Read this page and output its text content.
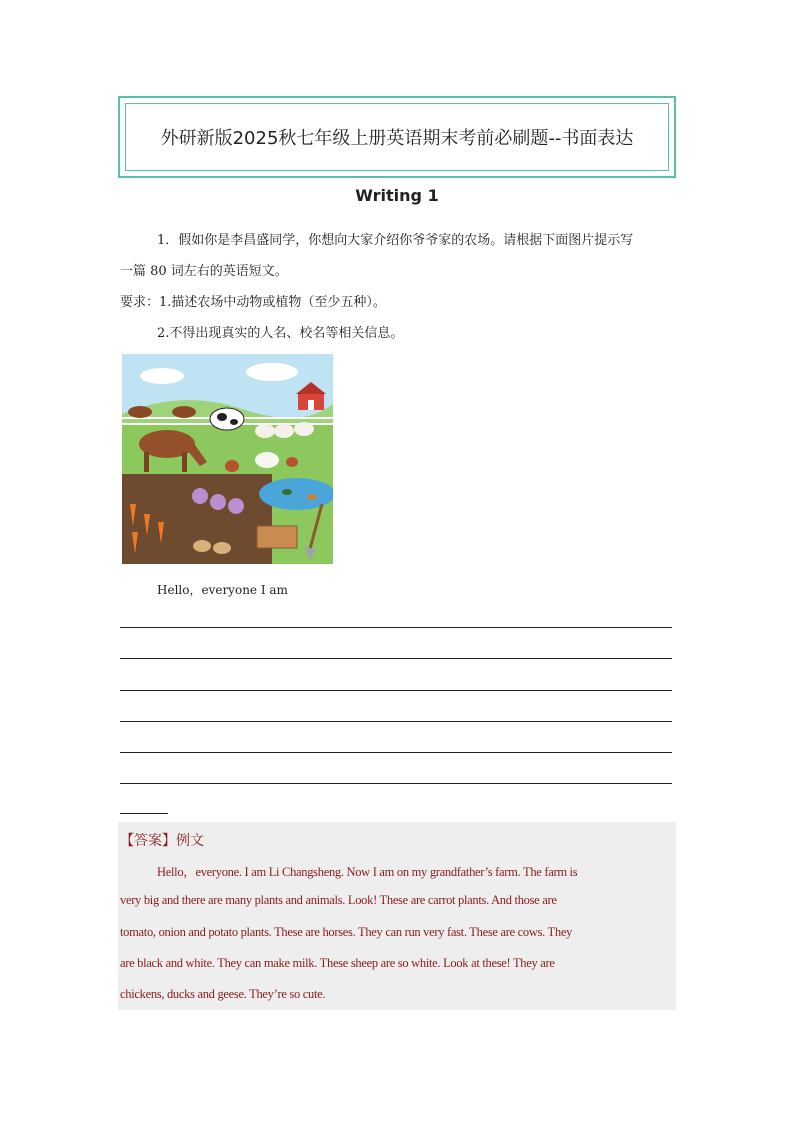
外研新版2025秋七年级上册英语期末考前必刷题--书面表达
Writing 1
1．假如你是李昌盛同学，你想向大家介绍你爷爷家的农场。请根据下面图片提示写
一篇 80 词左右的英语短文。
要求：1.描述农场中动物或植物（至少五种）。
2.不得出现真实的人名、校名等相关信息。
Hello，everyone I am
【答案】例文
Hello，everyone. I am Li Changsheng. Now I am on my grandfather’s farm. The farm is
very big and there are many plants and animals. Look! These are carrot plants. And those are
tomato, onion and potato plants. These are horses. They can run very fast. These are cows. They
are black and white. They can make milk. These sheep are so white. Look at these! They are
chickens, ducks and geese. They’re so cute.
